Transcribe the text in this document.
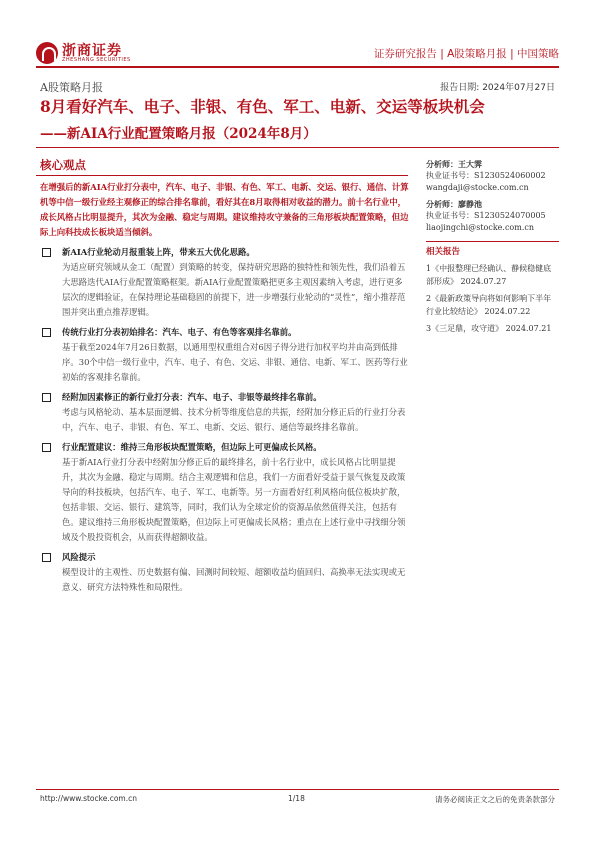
浙商证券
ZHESHANG SECURITIES	证券研究报告 | A股策略月报 | 中国策略
A股策略月报	报告日期: 2024年07月27日
8月看好汽车、电子、非银、有色、军工、电新、交运等板块机会
——新AIA行业配置策略月报（2024年8月）
核心观点

在增强后的新AIA行业打分表中，汽车、电子、非银、有色、军工、电新、交运、银行、通信、计算机等中信一级行业经主观修正的综合排名靠前，看好其在8月取得相对收益的潜力。前十名行业中，成长风格占比明显提升，其次为金融、稳定与周期。建议维持攻守兼备的三角形板块配置策略，但边际上向科技成长板块适当倾斜。

新AIA行业轮动月报重装上阵，带来五大优化思路。

为适应研究领域从金工（配置）到策略的转变，保持研究思路的独特性和领先性，我们沿着五大思路迭代AIA行业配置策略框架。新AIA行业配置策略把更多主观因素纳入考虑，进行更多层次的逻辑验证，在保持理论基础稳固的前提下，进一步增强行业轮动的“灵性”，缩小推荐范围并突出重点推荐逻辑。

传统行业打分表初始排名：汽车、电子、有色等客观排名靠前。

基于截至2024年7月26日数据，以通用型权重组合对6因子得分进行加权平均并由高到低排序。30个中信一级行业中，汽车、电子、有色、交运、非银、通信、电新、军工、医药等行业初始的客观排名靠前。

经附加因素修正的新行业打分表：汽车、电子、非银等最终排名靠前。

考虑与风格轮动、基本层面逻辑、技术分析等维度信息的共振，经附加分修正后的行业打分表中，汽车、电子、非银、有色、军工、电新、交运、银行、通信等最终排名靠前。

行业配置建议：维持三角形板块配置策略，但边际上可更偏成长风格。

基于新AIA行业打分表中经附加分修正后的最终排名，前十名行业中，成长风格占比明显提升，其次为金融、稳定与周期。结合主观逻辑和信息，我们一方面看好受益于景气恢复及政策导向的科技板块，包括汽车、电子、军工、电新等。另一方面看好红利风格向低位板块扩散，包括非银、交运、银行、建筑等，同时，我们认为全球定价的资源品依然值得关注，包括有色。建议维持三角形板块配置策略，但边际上可更偏成长风格；重点在上述行业中寻找细分领域及个股投资机会，从而获得超额收益。

风险提示

模型设计的主观性、历史数据有偏、回测时间较短、超额收益均值回归、高换率无法实现或无意义、研究方法特殊性和局限性。

分析师：王大霁
执业证书号：S1230524060002
wangdaji@stocke.com.cn
分析师：廖静池
执业证书号：S1230524070005
liaojingchi@stocke.com.cn
相关报告
1《中报整理已经确认、静候稳健底部形成》 2024.07.27
2《最新政策导向将如何影响下半年行业比较结论》 2024.07.22
3《三足鼎，攻守道》 2024.07.21
http://www.stocke.com.cn	1/18	请务必阅读正文之后的免责条款部分
